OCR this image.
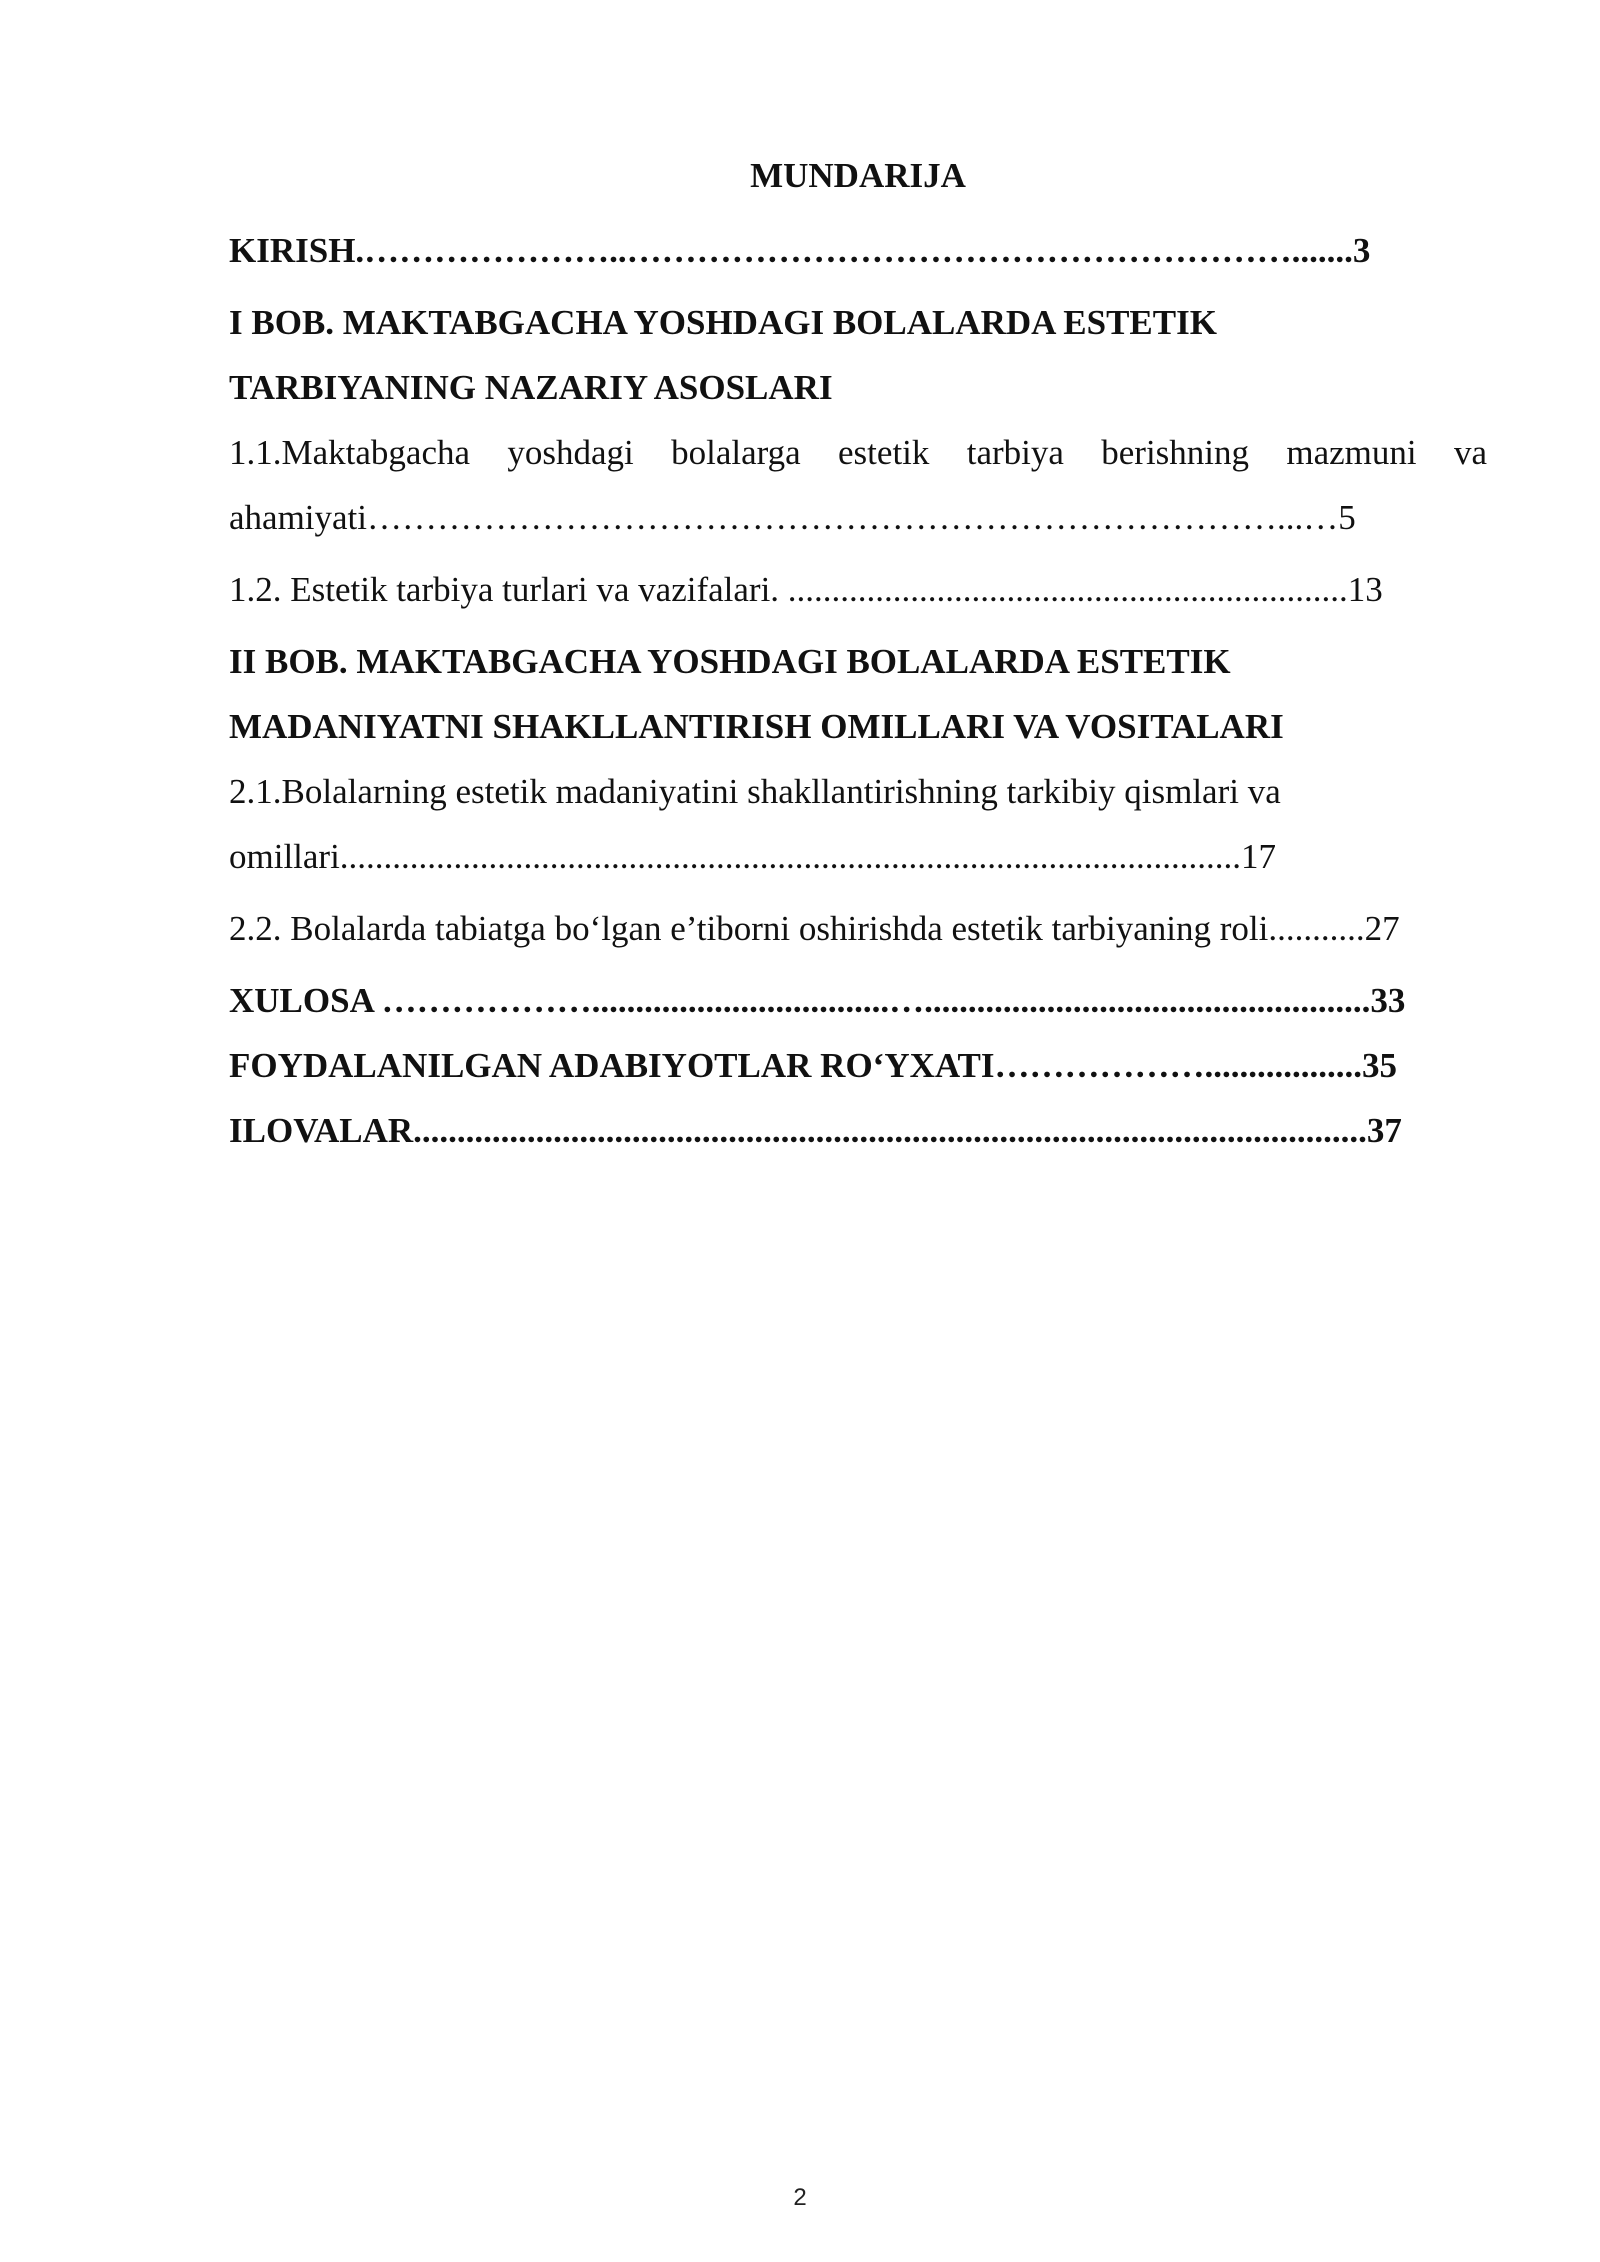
MUNDARIJA
KIRISH.…………………..………………………………………………….......3
I BOB. MAKTABGACHA YOSHDAGI BOLALARDA ESTETIK
TARBIYANING NAZARIY ASOSLARI
1.1.Maktabgacha yoshdagi bolalarga estetik tarbiya berishning mazmuni va
ahamiyati……………………………………………………………………...…5
1.2. Estetik tarbiya turlari va vazifalari. ................................................................13
II BOB. MAKTABGACHA YOSHDAGI BOLALARDA ESTETIK
MADANIYATNI SHAKLLANTIRISH OMILLARI VA VOSITALARI
2.1.Bolalarning estetik madaniyatini shakllantirishning tarkibiy qismlari va
omillari.......................................................................................................17
2.2. Bolalarda tabiatga bo‘lgan e’tiborni oshirishda estetik tarbiyaning roli...........27
XULOSA ………………..................................…...................................................33
FOYDALANILGAN ADABIYOTLAR RO‘YXATI………………..................35
ILOVALAR.............................................................................................................37
2
